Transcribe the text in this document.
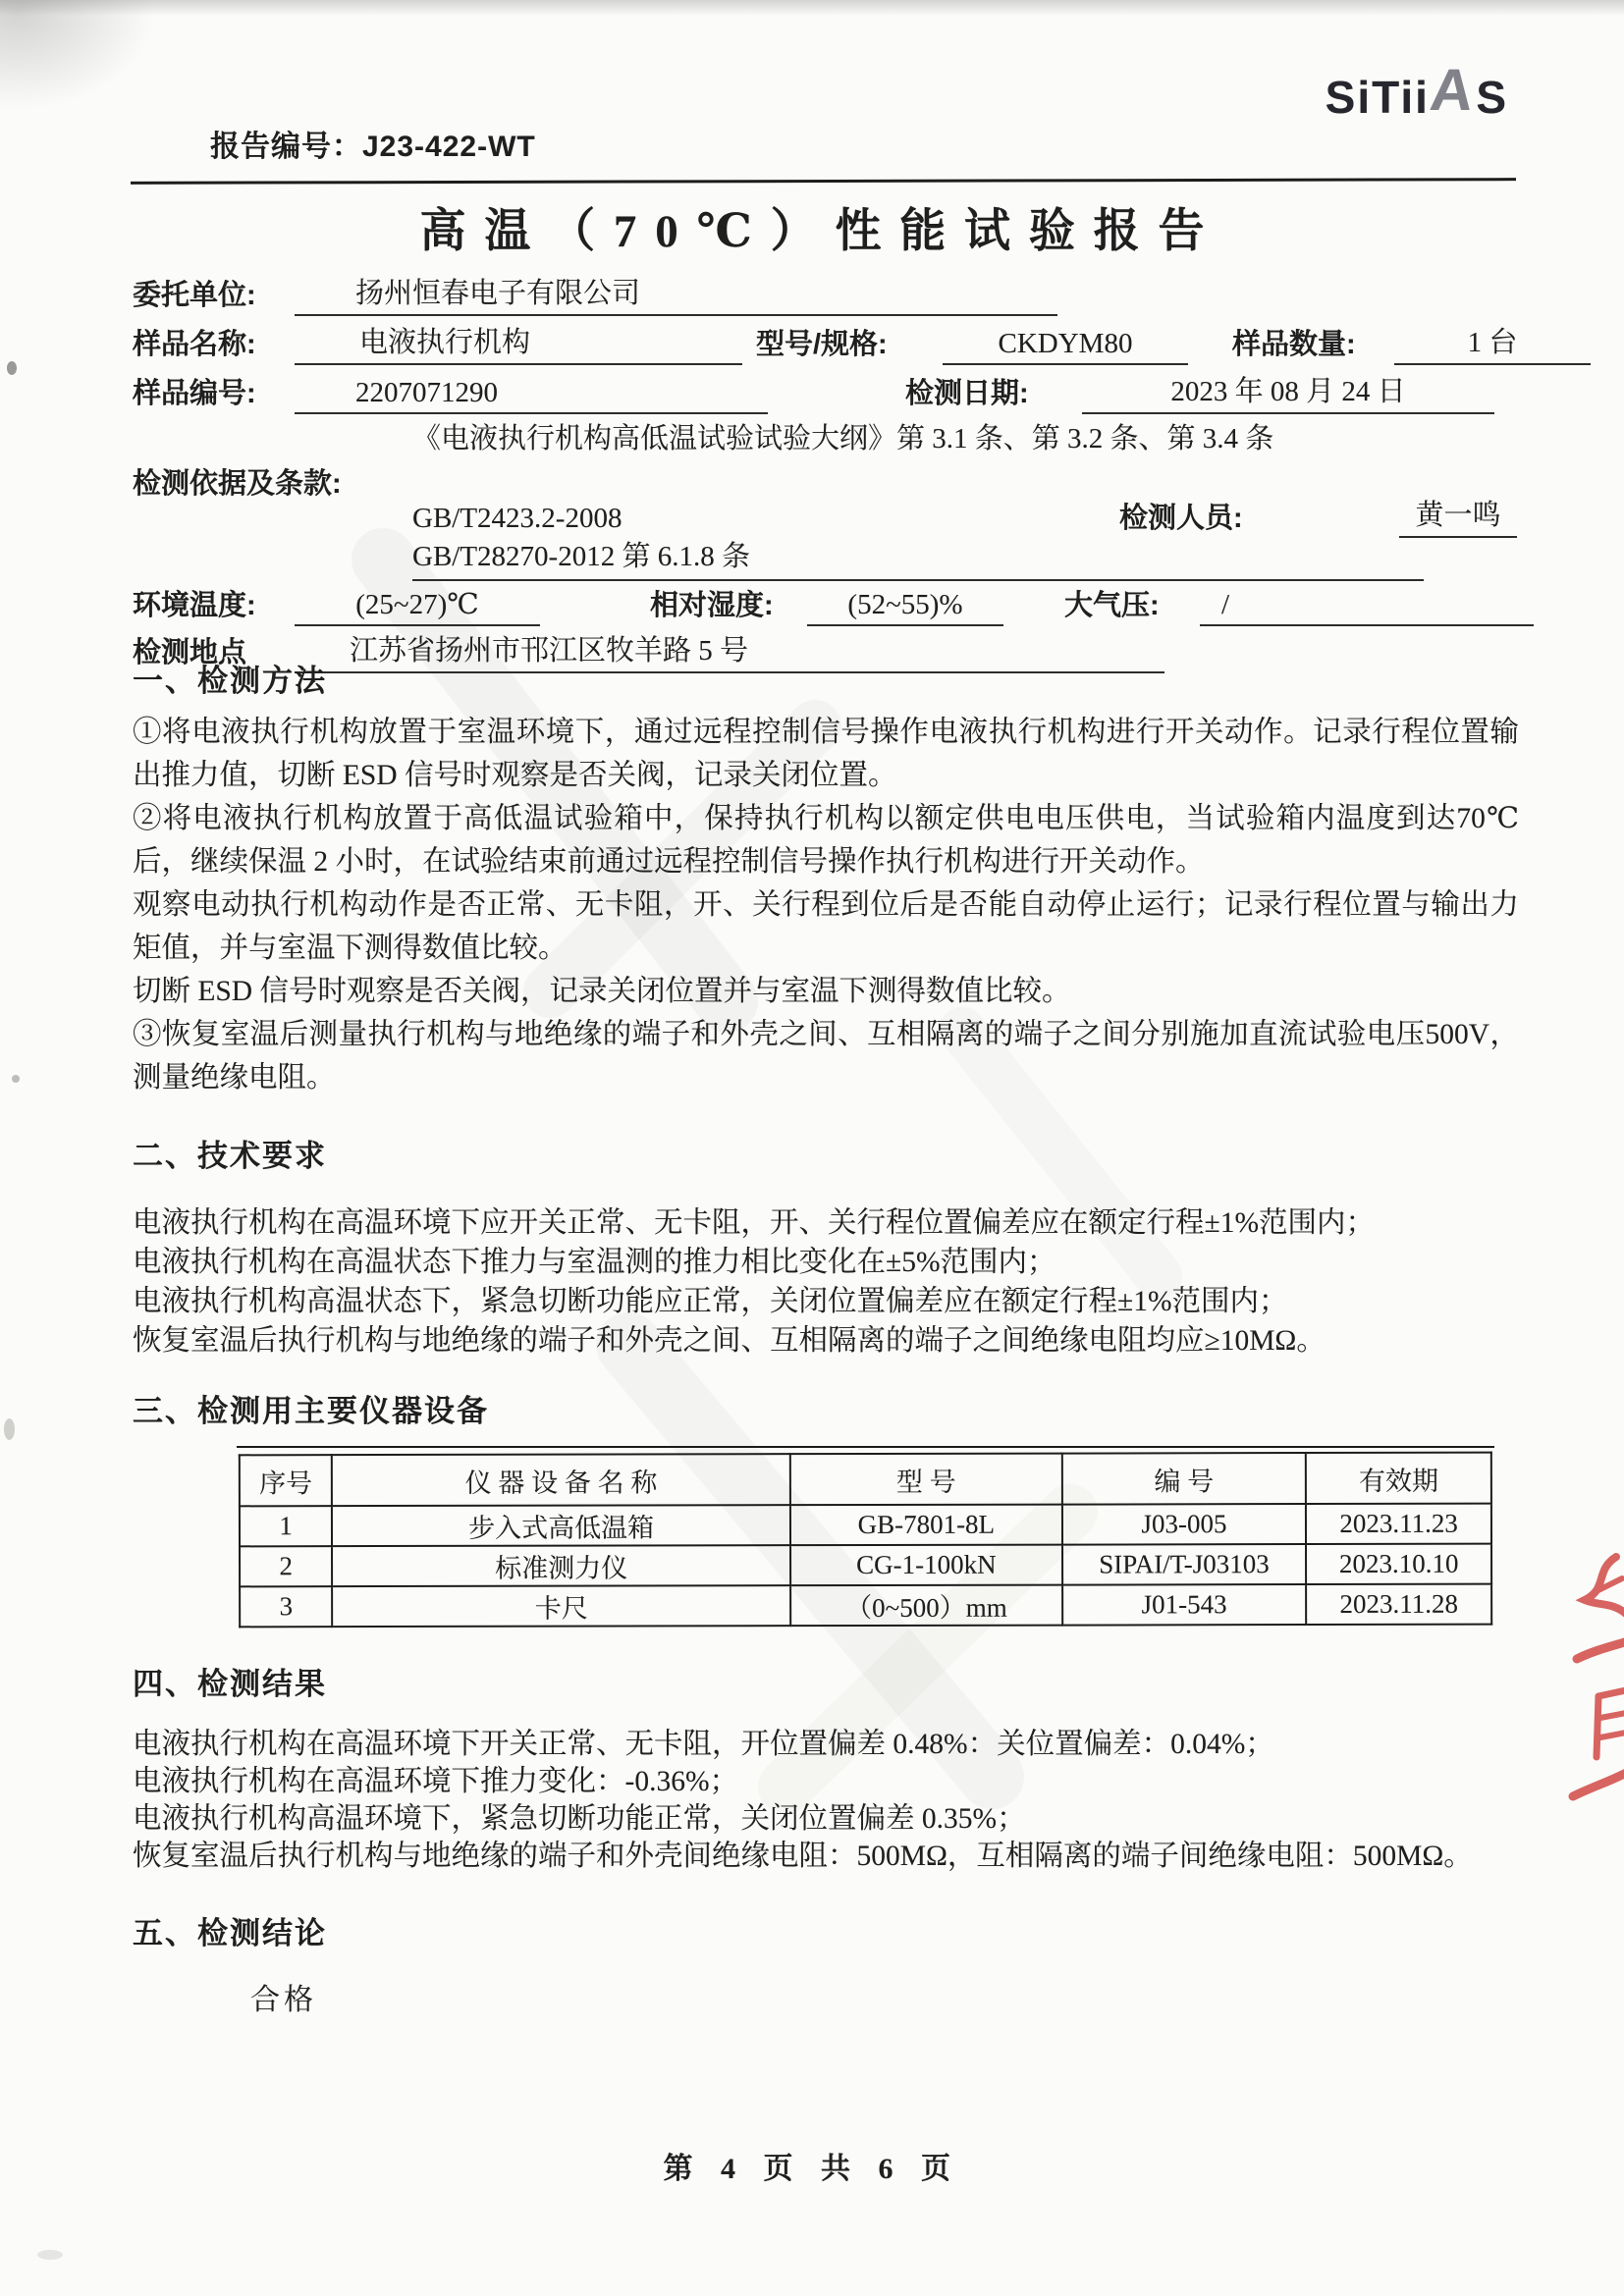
报告编号：J23-422-WT
SiTii
A
S
高温（70℃）性能试验报告
委托单位:	扬州恒春电子有限公司
样品名称:	电液执行机构	型号/规格:	CKDYM80	样品数量:	1 台
样品编号:	2207071290	检测日期:	2023 年 08 月 24 日
检测依据及条款:
《电液执行机构高低温试验试验大纲》第 3.1 条、第 3.2 条、第 3.4 条
GB/T2423.2-2008	检测人员:	黄一鸣
GB/T28270-2012 第 6.1.8 条
环境温度:	(25~27)℃	相对湿度:	(52~55)%	大气压:	/
检测地点	江苏省扬州市邗江区牧羊路 5 号
一、检测方法

①将电液执行机构放置于室温环境下，通过远程控制信号操作电液执行机构进行开关动作。记录行程位置输出推力值，切断 ESD 信号时观察是否关阀，记录关闭位置。

②将电液执行机构放置于高低温试验箱中，保持执行机构以额定供电电压供电，当试验箱内温度到达70℃后，继续保温 2 小时，在试验结束前通过远程控制信号操作执行机构进行开关动作。

观察电动执行机构动作是否正常、无卡阻，开、关行程到位后是否能自动停止运行；记录行程位置与输出力矩值，并与室温下测得数值比较。

切断 ESD 信号时观察是否关阀，记录关闭位置并与室温下测得数值比较。

③恢复室温后测量执行机构与地绝缘的端子和外壳之间、互相隔离的端子之间分别施加直流试验电压500V，测量绝缘电阻。

二、技术要求

电液执行机构在高温环境下应开关正常、无卡阻，开、关行程位置偏差应在额定行程±1%范围内；

电液执行机构在高温状态下推力与室温测的推力相比变化在±5%范围内；

电液执行机构高温状态下，紧急切断功能应正常，关闭位置偏差应在额定行程±1%范围内；

恢复室温后执行机构与地绝缘的端子和外壳之间、互相隔离的端子之间绝缘电阻均应≥10MΩ。

三、检测用主要仪器设备
序号	仪 器 设 备 名 称	型 号	编 号	有效期
1	步入式高低温箱	GB-7801-8L	J03-005	2023.11.23
2	标准测力仪	CG-1-100kN	SIPAI/T-J03103	2023.10.10
3	卡尺	（0~500）mm	J01-543	2023.11.28
四、检测结果

电液执行机构在高温环境下开关正常、无卡阻，开位置偏差 0.48%：关位置偏差：0.04%；

电液执行机构在高温环境下推力变化：-0.36%；

电液执行机构高温环境下，紧急切断功能正常，关闭位置偏差 0.35%；

恢复室温后执行机构与地绝缘的端子和外壳间绝缘电阻：500MΩ，互相隔离的端子间绝缘电阻：500MΩ。

五、检测结论
合格
第 4 页 共 6 页
